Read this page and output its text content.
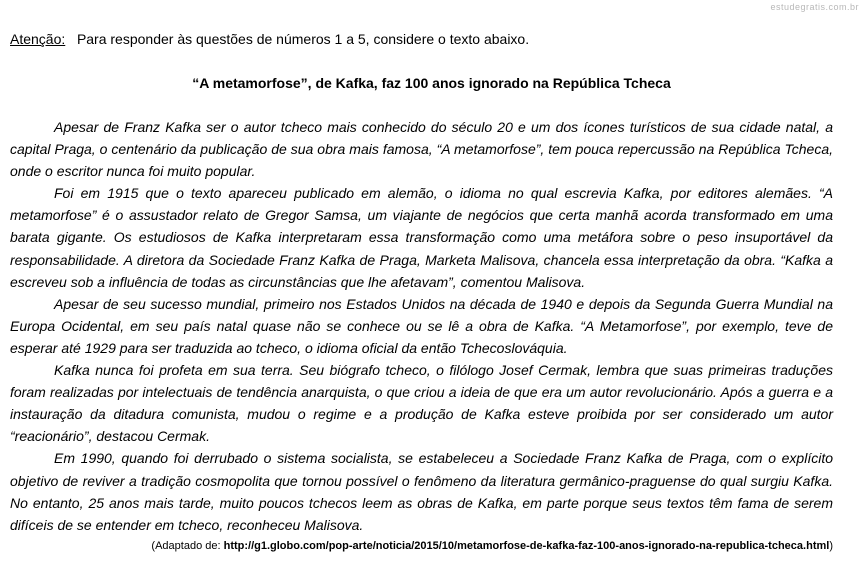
estudegratis.com.br
Atenção: Para responder às questões de números 1 a 5, considere o texto abaixo.
“A metamorfose”, de Kafka, faz 100 anos ignorado na República Tcheca

Apesar de Franz Kafka ser o autor tcheco mais conhecido do século 20 e um dos ícones turísticos de sua cidade natal, a capital Praga, o centenário da publicação de sua obra mais famosa, “A metamorfose”, tem pouca repercussão na República Tcheca, onde o escritor nunca foi muito popular.

Foi em 1915 que o texto apareceu publicado em alemão, o idioma no qual escrevia Kafka, por editores alemães. “A metamorfose” é o assustador relato de Gregor Samsa, um viajante de negócios que certa manhã acorda transformado em uma barata gigante. Os estudiosos de Kafka interpretaram essa transformação como uma metáfora sobre o peso insuportável da responsabilidade. A diretora da Sociedade Franz Kafka de Praga, Marketa Malisova, chancela essa interpretação da obra. “Kafka a escreveu sob a influência de todas as circunstâncias que lhe afetavam”, comentou Malisova.

Apesar de seu sucesso mundial, primeiro nos Estados Unidos na década de 1940 e depois da Segunda Guerra Mundial na Europa Ocidental, em seu país natal quase não se conhece ou se lê a obra de Kafka. “A Metamorfose”, por exemplo, teve de esperar até 1929 para ser traduzida ao tcheco, o idioma oficial da então Tchecoslováquia.

Kafka nunca foi profeta em sua terra. Seu biógrafo tcheco, o filólogo Josef Cermak, lembra que suas primeiras traduções foram realizadas por intelectuais de tendência anarquista, o que criou a ideia de que era um autor revolucionário. Após a guerra e a instauração da ditadura comunista, mudou o regime e a produção de Kafka esteve proibida por ser considerado um autor “reacionário”, destacou Cermak.

Em 1990, quando foi derrubado o sistema socialista, se estabeleceu a Sociedade Franz Kafka de Praga, com o explícito objetivo de reviver a tradição cosmopolita que tornou possível o fenômeno da literatura germânico-praguense do qual surgiu Kafka. No entanto, 25 anos mais tarde, muito poucos tchecos leem as obras de Kafka, em parte porque seus textos têm fama de serem difíceis de se entender em tcheco, reconheceu Malisova.

(Adaptado de: http://g1.globo.com/pop-arte/noticia/2015/10/metamorfose-de-kafka-faz-100-anos-ignorado-na-republica-tcheca.html)
